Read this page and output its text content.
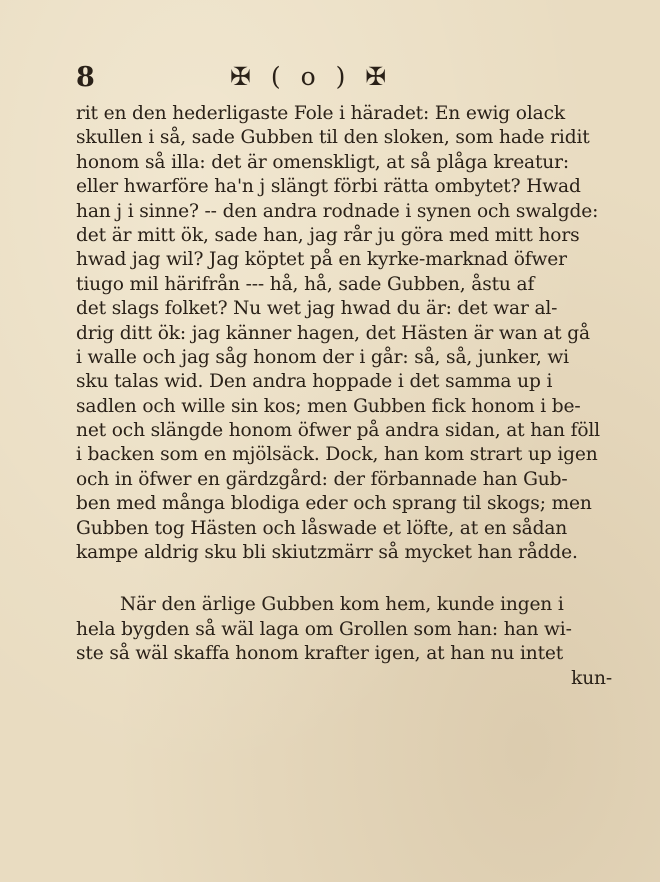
8	✠ ( o ) ✠
rit en den hederligaste Fole i häradet: En ewig olack
skullen i så, sade Gubben til den sloken, som hade ridit
honom så illa: det är omenskligt, at så plåga kreatur:
eller hwarföre ha'n j slängt förbi rätta ombytet? Hwad
han j i sinne? -- den andra rodnade i synen och swalgde:
det är mitt ök, sade han, jag rår ju göra med mitt hors
hwad jag wil? Jag köptet på en kyrke-marknad öfwer
tiugo mil härifrån --- hå, hå, sade Gubben, åstu af
det slags folket? Nu wet jag hwad du är: det war al-
drig ditt ök: jag känner hagen, det Hästen är wan at gå
i walle och jag såg honom der i går: så, så, junker, wi
sku talas wid. Den andra hoppade i det samma up i
sadlen och wille sin kos; men Gubben fick honom i be-
net och slängde honom öfwer på andra sidan, at han föll
i backen som en mjölsäck. Dock, han kom strart up igen
och in öfwer en gärdzgård: der förbannade han Gub-
ben med många blodiga eder och sprang til skogs; men
Gubben tog Hästen och låswade et löfte, at en sådan
kampe aldrig sku bli skiutzmärr så mycket han rådde.
När den ärlige Gubben kom hem, kunde ingen i
hela bygden så wäl laga om Grollen som han: han wi-
ste så wäl skaffa honom krafter igen, at han nu intet
kun-
